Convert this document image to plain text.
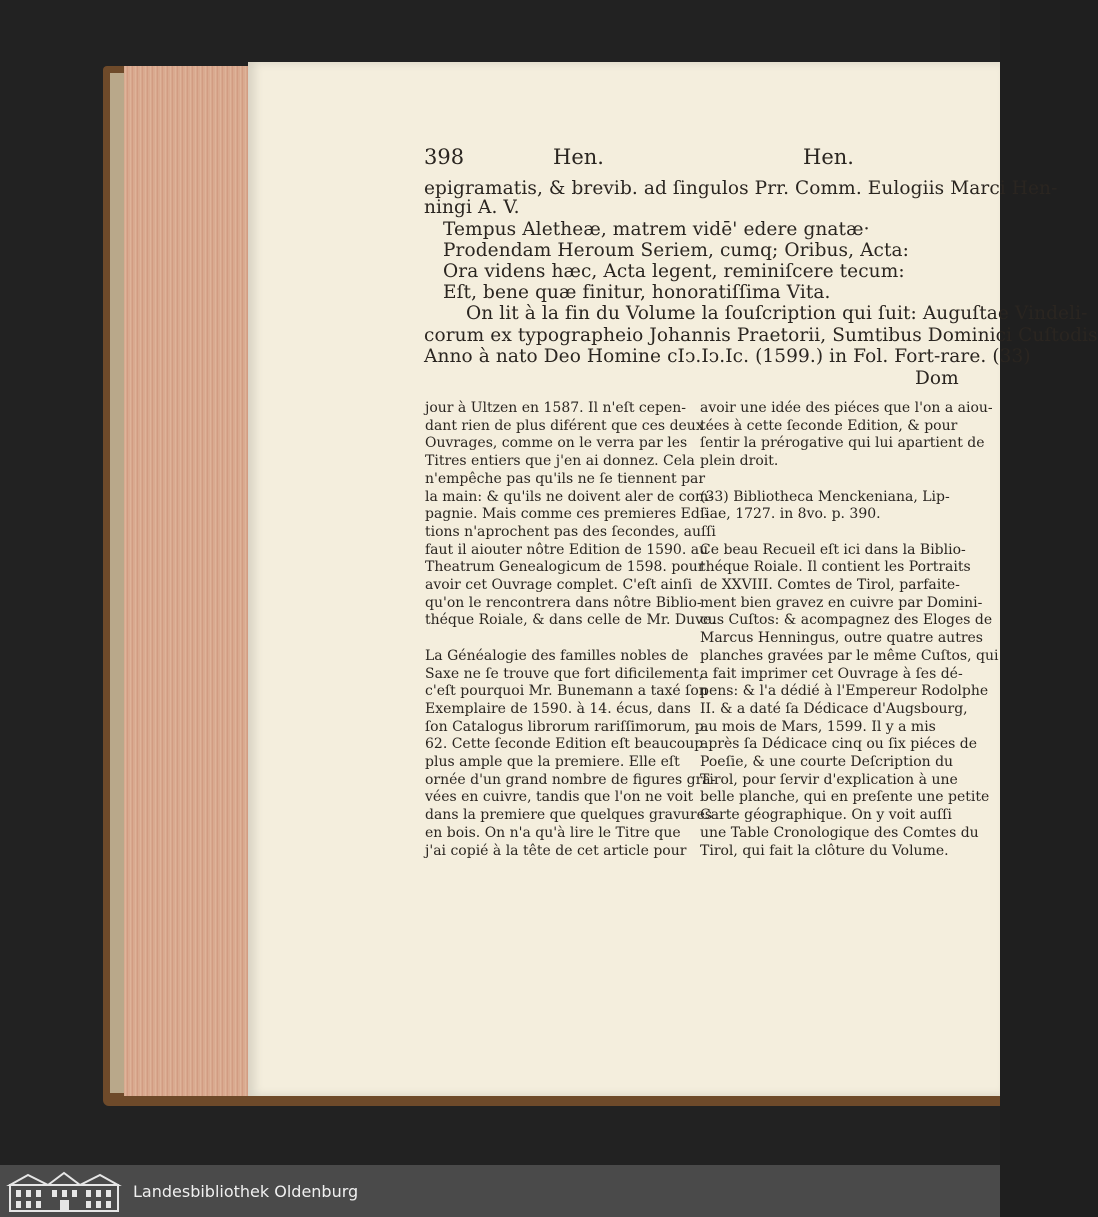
398	Hen.	Hen.
epigramatis, & brevib. ad ſingulos Prr. Comm. Eulogiis Marci Hen-
ningi A. V.
Tempus Aletheæ, matrem vidē' edere gnatæ·
Prodendam Heroum Seriem, cumq; Oribus, Acta:
Ora videns hæc, Acta legent, reminiſcere tecum:
Eſt, bene quæ finitur, honoratiſſima Vita.
On lit à la fin du Volume la ſouſcription qui ſuit: Auguſtae Vindeli-
corum ex typographeio Johannis Praetorii, Sumtibus Dominici Cuſtodis
Anno à nato Deo Homine cIↄ.Iↄ.Ic. (1599.) in Fol. Fort-rare. (33)
Dom
jour à Ultzen en 1587. Il n'eſt cepen-
dant rien de plus diférent que ces deux
Ouvrages, comme on le verra par les
Titres entiers que j'en ai donnez. Cela
n'empêche pas qu'ils ne ſe tiennent par
la main: & qu'ils ne doivent aler de com-
pagnie. Mais comme ces premieres Edi-
tions n'aprochent pas des ſecondes, auſſi
faut il aiouter nôtre Edition de 1590. au
Theatrum Genealogicum de 1598. pour
avoir cet Ouvrage complet. C'eſt ainſi
qu'on le rencontrera dans nôtre Biblio-
théque Roiale, & dans celle de Mr. Duve.
La Généalogie des familles nobles de
Saxe ne ſe trouve que fort dificilement,
c'eſt pourquoi Mr. Bunemann a taxé ſon
Exemplaire de 1590. à 14. écus, dans
ſon Catalogus librorum rariſſimorum, p.
62. Cette ſeconde Edition eſt beaucoup
plus ample que la premiere. Elle eſt
ornée d'un grand nombre de figures gra-
vées en cuivre, tandis que l'on ne voit
dans la premiere que quelques gravures
en bois. On n'a qu'à lire le Titre que
j'ai copié à la tête de cet article pour
avoir une idée des piéces que l'on a aiou-
tées à cette ſeconde Edition, & pour
ſentir la prérogative qui lui apartient de
plein droit.
(33) Bibliotheca Menckeniana, Lip-
ſiae, 1727. in 8vo. p. 390.
Ce beau Recueil eſt ici dans la Biblio-
théque Roiale. Il contient les Portraits
de XXVIII. Comtes de Tirol, parfaite-
ment bien gravez en cuivre par Domini-
cus Cuſtos: & acompagnez des Eloges de
Marcus Henningus, outre quatre autres
planches gravées par le même Cuſtos, qui
a fait imprimer cet Ouvrage à ſes dé-
pens: & l'a dédié à l'Empereur Rodolphe
II. & a daté ſa Dédicace d'Augsbourg,
au mois de Mars, 1599. Il y a mis
après ſa Dédicace cinq ou ſix piéces de
Poeſie, & une courte Deſcription du
Tirol, pour ſervir d'explication à une
belle planche, qui en preſente une petite
Carte géographique. On y voit auſſi
une Table Cronologique des Comtes du
Tirol, qui fait la clôture du Volume.
Landesbibliothek Oldenburg
